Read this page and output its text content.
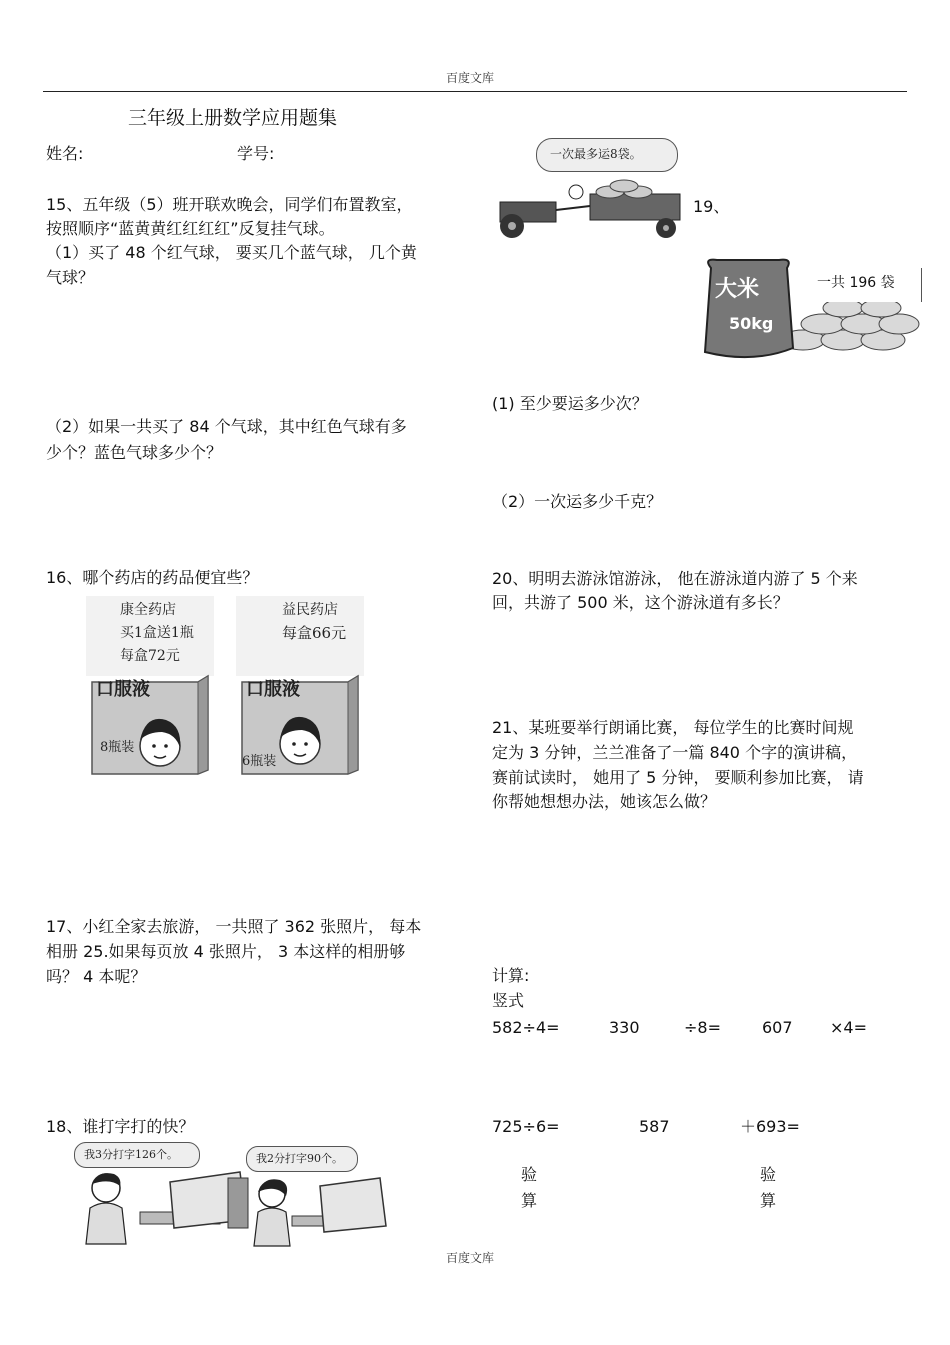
百度文库
三年级上册数学应用题集
姓名:	学号:
15、五年级（5）班开联欢晚会，同学们布置教室，
按照顺序“蓝黄黄红红红红”反复挂气球。
（1）买了 48 个红气球， 要买几个蓝气球， 几个黄
气球？
（2）如果一共买了 84 个气球，其中红色气球有多
少个？蓝色气球多少个？
16、哪个药店的药品便宜些？
康全药店
买1盒送1瓶
每盒72元
口服液
8瓶装
益民药店
每盒66元
口服液
6瓶装
17、小红全家去旅游， 一共照了 362 张照片， 每本
相册 25.如果每页放 4 张照片， 3 本这样的相册够
吗？ 4 本呢？
18、谁打字打的快？
我3分打字126个。	我2分打字90个。
一次最多运8袋。
19、
大米
50kg
一共 196 袋
(1) 至少要运多少次？
（2）一次运多少千克？
20、明明去游泳馆游泳， 他在游泳道内游了 5 个来
回，共游了 500 米，这个游泳道有多长？
21、某班要举行朗诵比赛， 每位学生的比赛时间规
定为 3 分钟，兰兰准备了一篇 840 个字的演讲稿，
赛前试读时， 她用了 5 分钟， 要顺利参加比赛， 请
你帮她想想办法，她该怎么做？
计算:
竖式
582÷4=	330	÷8=	607 ×4=
725÷6=	587	＋693=
验
算
验
算
百度文库
